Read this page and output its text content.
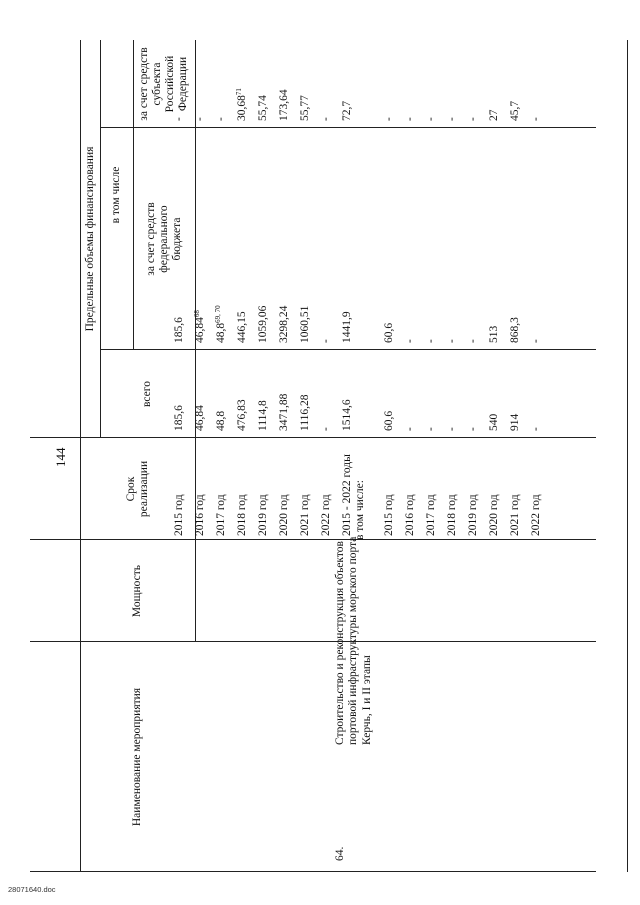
144
Наименование мероприятия
Мощность
Срок реализации
Предельные объемы финансирования
всего
в том числе
за счет средств федерального бюджета
за счет средств субъекта Российской Федерации
64.
Строительство и реконструкция объектов портовой инфраструктуры морского порта Керчь, I и II этапы
в том числе:
2015 год
185,6
185,6
-
2016 год
46,84
46,84$^{68}$
-
2017 год
48,8
48,8$^{69, 70}$
-
2018 год
476,83
446,15
30,68$^{71}$
2019 год
1114,8
1059,06
55,74
2020 год
3471,88
3298,24
173,64
2021 год
1116,28
1060,51
55,77
2022 год
-
-
-
2015 - 2022 годы
1514,6
1441,9
72,7
2015 год
60,6
60,6
-
2016 год
-
-
-
2017 год
-
-
-
2018 год
-
-
-
2019 год
-
-
-
2020 год
540
513
27
2021 год
914
868,3
45,7
2022 год
-
-
-
28071640.doc
